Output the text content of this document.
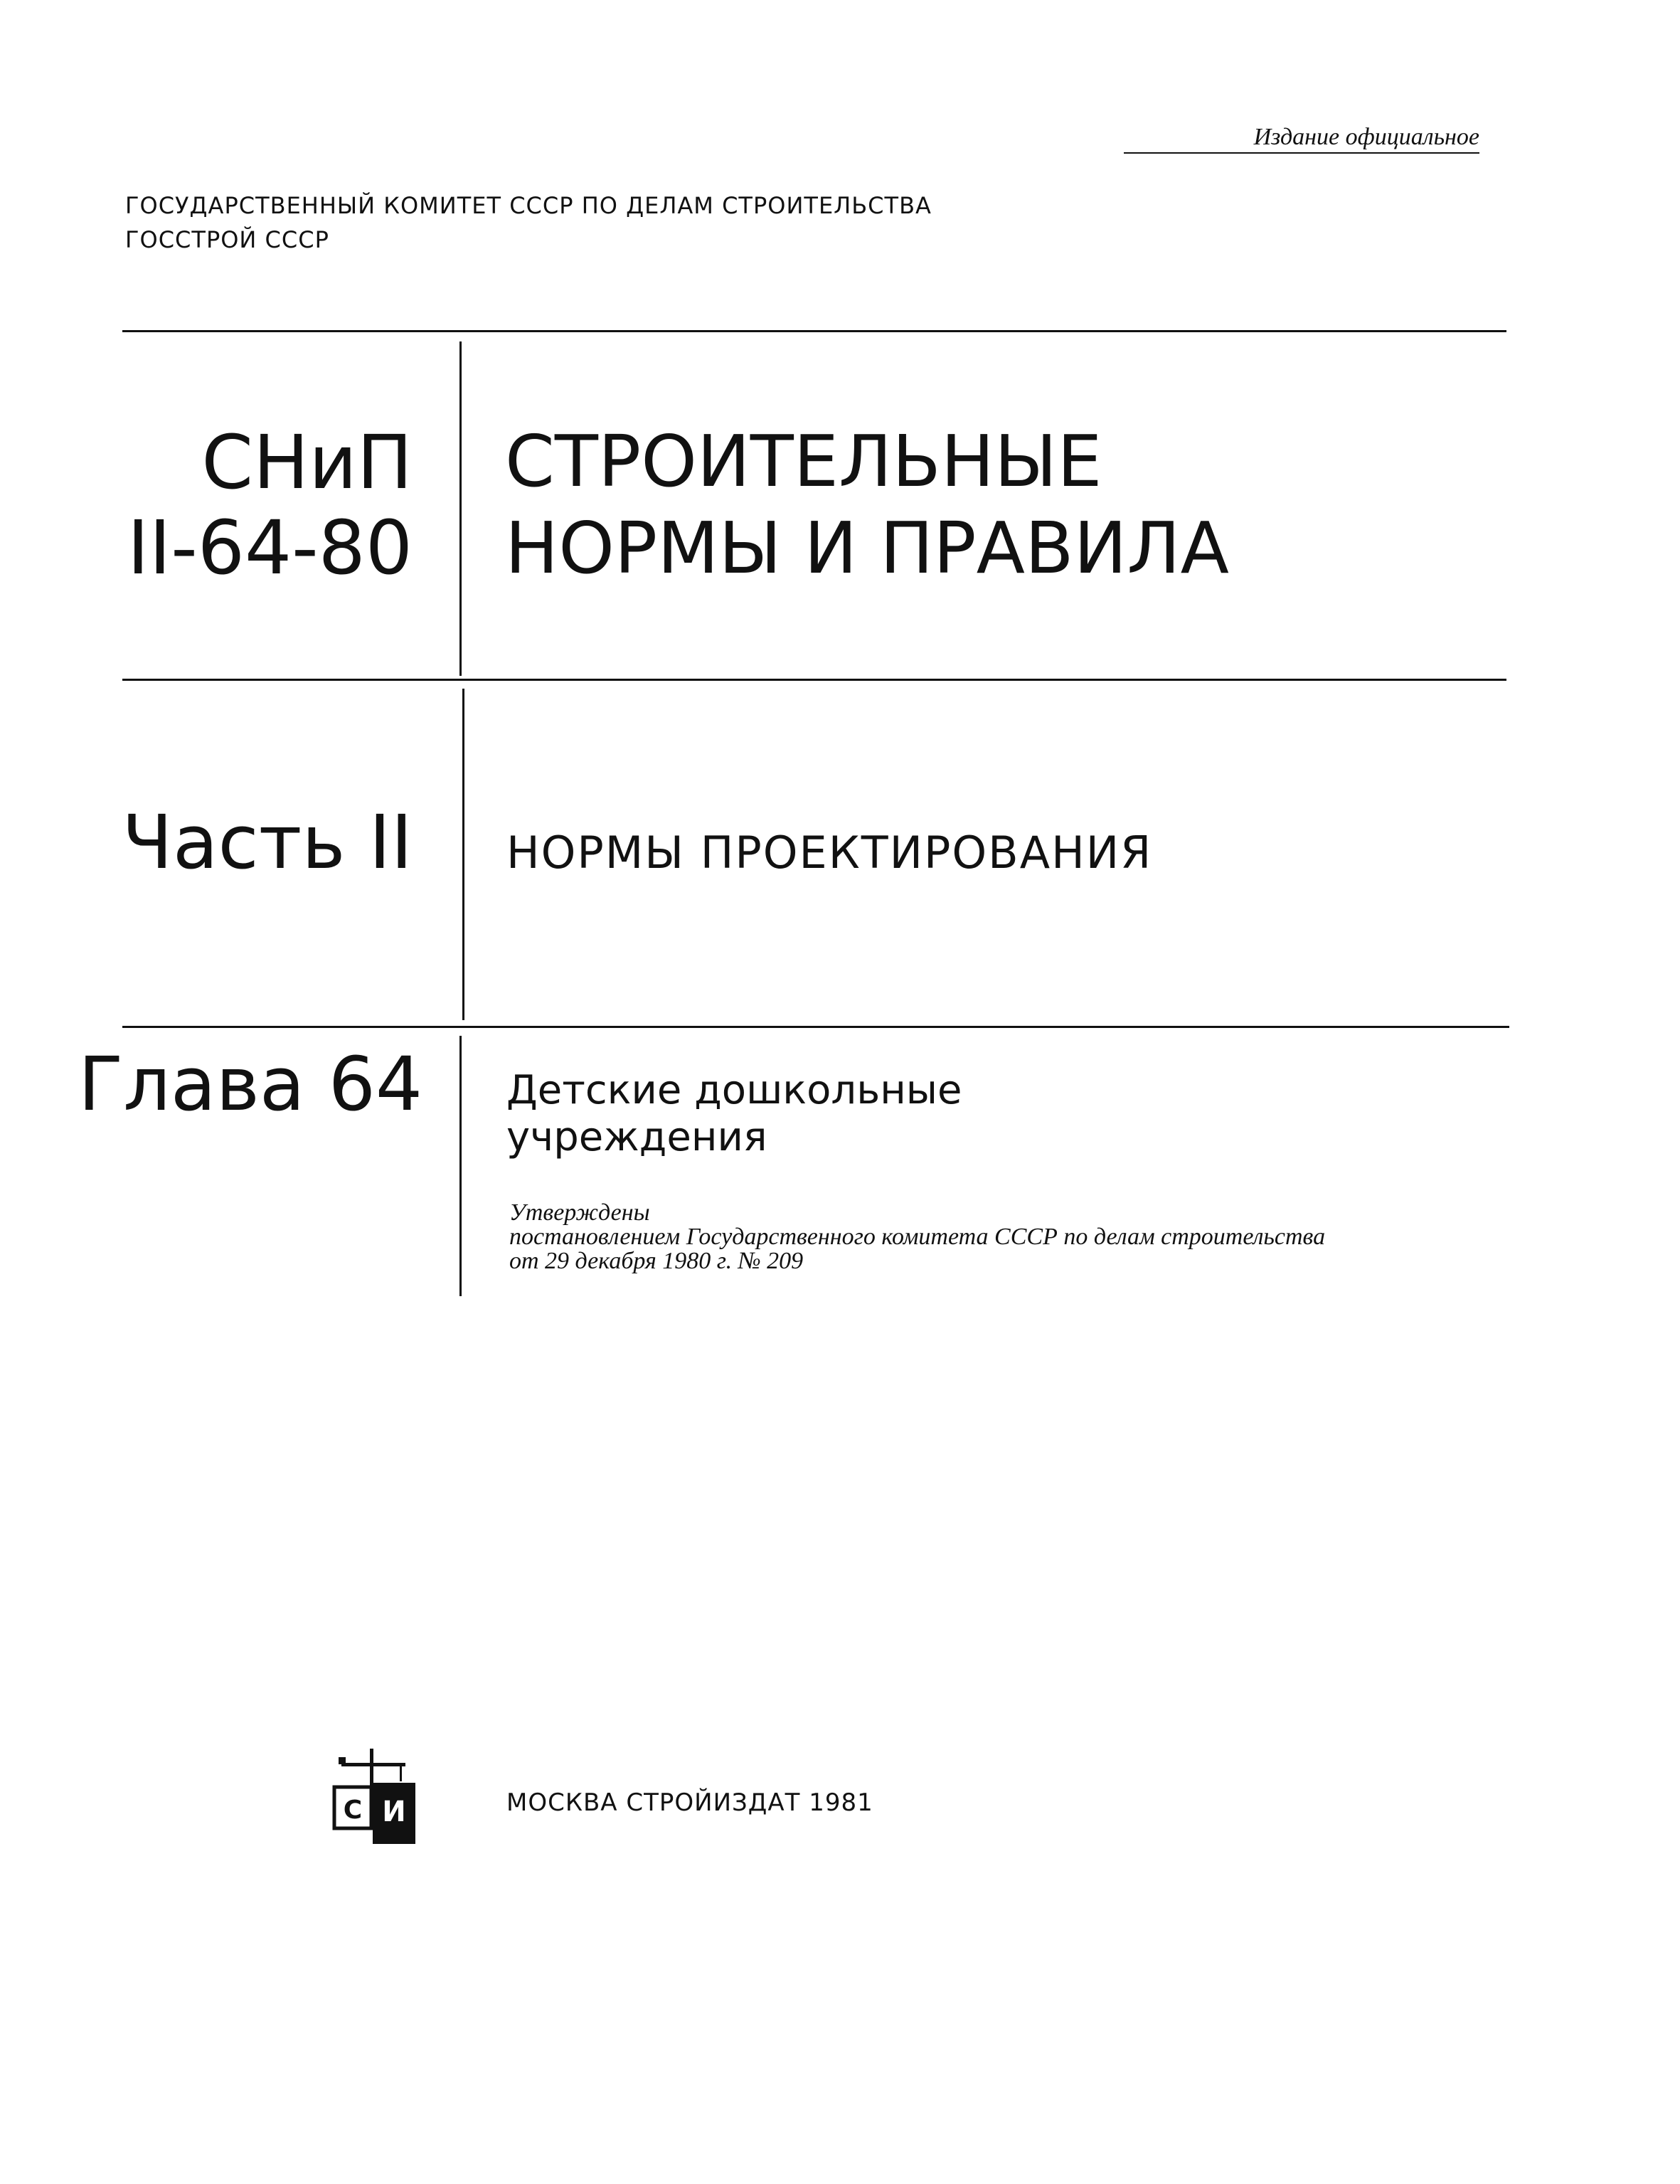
Издание официальное
ГОСУДАРСТВЕННЫЙ КОМИТЕТ СССР ПО ДЕЛАМ СТРОИТЕЛЬСТВА
ГОССТРОЙ СССР
СНиП
II-64-80
СТРОИТЕЛЬНЫЕ
НОРМЫ И ПРАВИЛА
Часть II НОРМЫ ПРОЕКТИРОВАНИЯ
Глава 64 Детские дошкольные
учреждения
Утверждены
постановлением Государственного комитета СССР по делам строительства
от 29 декабря 1980 г. № 209
С И	МОСКВА СТРОЙИЗДАТ 1981
